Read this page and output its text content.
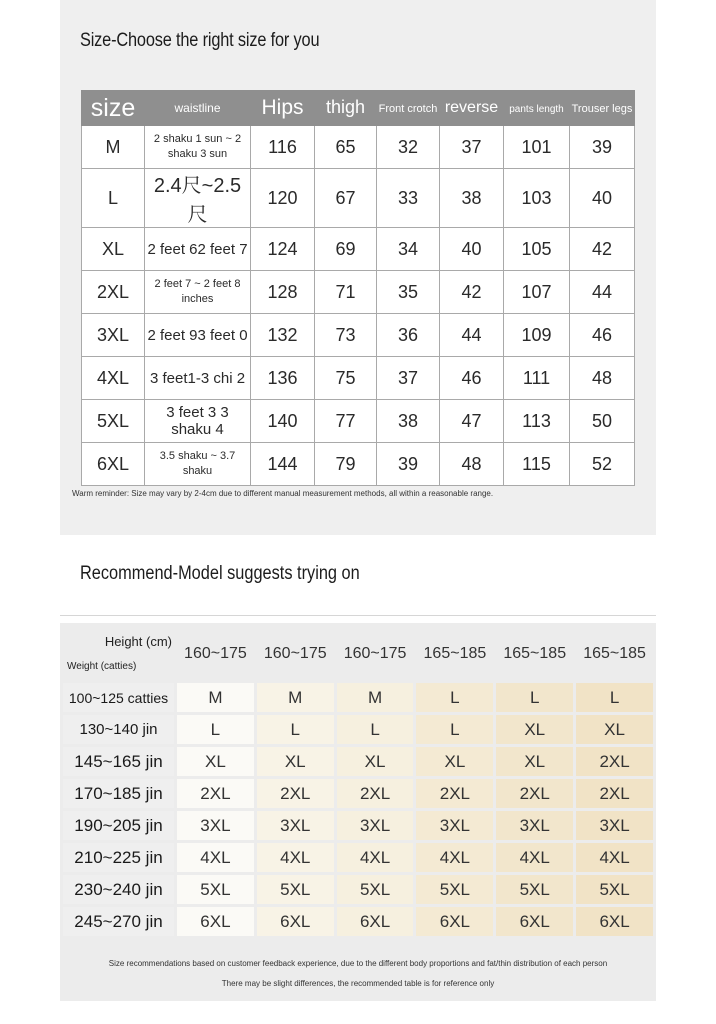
Size-Choose the right size for you
size	waistline	Hips	thigh	Front crotch	reverse	pants length	Trouser legs
M	2 shaku 1 sun ~ 2 shaku 3 sun	116	65	32	37	101	39
L	2.4尺~2.5尺	120	67	33	38	103	40
XL	2 feet 62 feet 7	124	69	34	40	105	42
2XL	2 feet 7 ~ 2 feet 8 inches	128	71	35	42	107	44
3XL	2 feet 93 feet 0	132	73	36	44	109	46
4XL	3 feet1-3 chi 2	136	75	37	46	111	48
5XL	3 feet 3 3 shaku 4	140	77	38	47	113	50
6XL	3.5 shaku ~ 3.7 shaku	144	79	39	48	115	52
Warm reminder: Size may vary by 2-4cm due to different manual measurement methods, all within a reasonable range.
Recommend-Model suggests trying on
Height (cm)
Weight (catties)	160~175	160~175	160~175	165~185	165~185	165~185
100~125 catties	M	M	M	L	L	L
130~140 jin	L	L	L	L	XL	XL
145~165 jin	XL	XL	XL	XL	XL	2XL
170~185 jin	2XL	2XL	2XL	2XL	2XL	2XL
190~205 jin	3XL	3XL	3XL	3XL	3XL	3XL
210~225 jin	4XL	4XL	4XL	4XL	4XL	4XL
230~240 jin	5XL	5XL	5XL	5XL	5XL	5XL
245~270 jin	6XL	6XL	6XL	6XL	6XL	6XL
Size recommendations based on customer feedback experience, due to the different body proportions and fat/thin distribution of each person
There may be slight differences, the recommended table is for reference only
